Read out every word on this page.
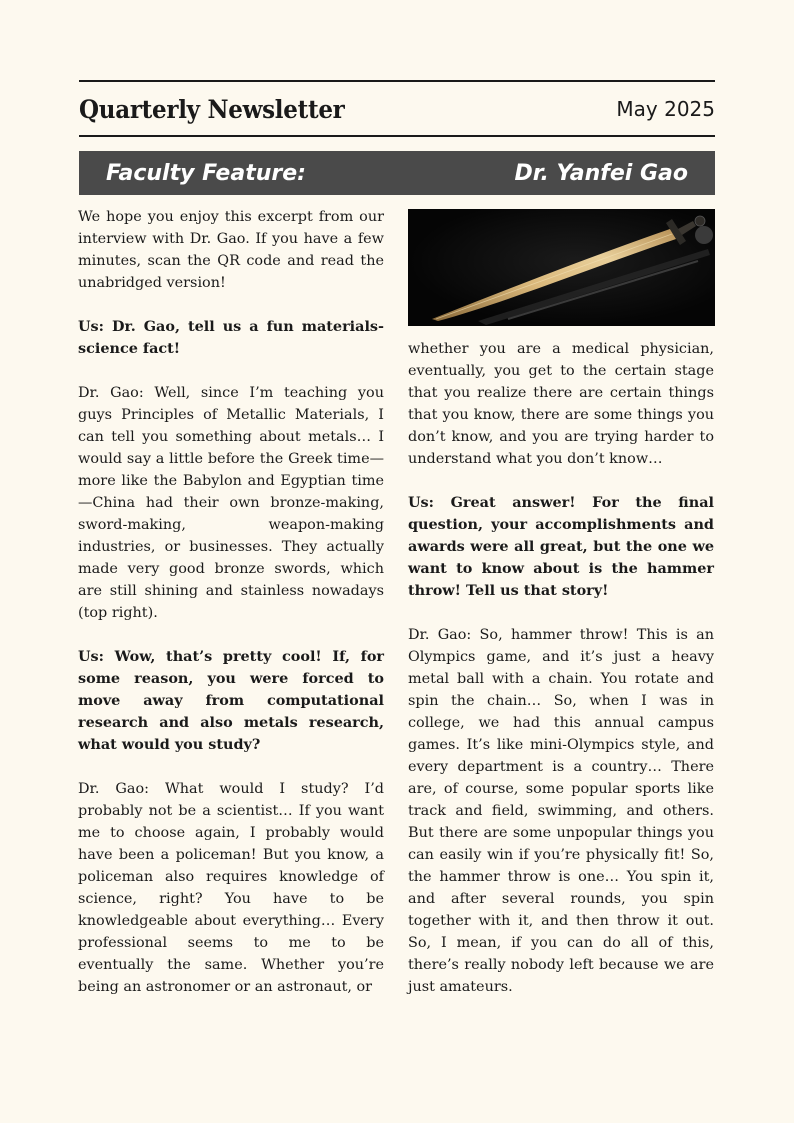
Quarterly Newsletter	May 2025
Faculty Feature:	Dr. Yanfei Gao

We hope you enjoy this excerpt from our interview with Dr. Gao. If you have a few minutes, scan the QR code and read the unabridged version!

Us: Dr. Gao, tell us a fun materials-science fact!

Dr. Gao: Well, since I’m teaching you guys Principles of Metallic Materials, I can tell you something about metals… I would say a little before the Greek time—more like the Babylon and Egyptian time—China had their own bronze-making, sword-making, weapon-making industries, or businesses. They actually made very good bronze swords, which are still shining and stainless nowadays (top right).

Us: Wow, that’s pretty cool! If, for some reason, you were forced to move away from computational research and also metals research, what would you study?

Dr. Gao: What would I study? I’d probably not be a scientist… If you want me to choose again, I probably would have been a policeman! But you know, a policeman also requires knowledge of science, right? You have to be knowledgeable about everything… Every professional seems to me to be eventually the same. Whether you’re being an astronomer or an astronaut, or

whether you are a medical physician, eventually, you get to the certain stage that you realize there are certain things that you know, there are some things you don’t know, and you are trying harder to understand what you don’t know…

Us: Great answer! For the final question, your accomplishments and awards were all great, but the one we want to know about is the hammer throw! Tell us that story!

Dr. Gao: So, hammer throw! This is an Olympics game, and it’s just a heavy metal ball with a chain. You rotate and spin the chain… So, when I was in college, we had this annual campus games. It’s like mini-Olympics style, and every department is a country… There are, of course, some popular sports like track and field, swimming, and others. But there are some unpopular things you can easily win if you’re physically fit! So, the hammer throw is one… You spin it, and after several rounds, you spin together with it, and then throw it out. So, I mean, if you can do all of this, there’s really nobody left because we are just amateurs.
